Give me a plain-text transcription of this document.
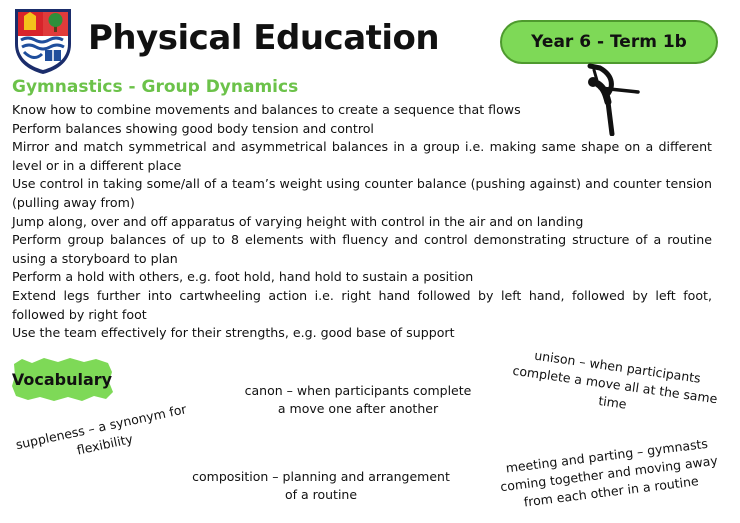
Physical Education	Year 6 - Term 1b
Gymnastics - Group Dynamics
Know how to combine movements and balances to create a sequence that flows
Perform balances showing good body tension and control
Mirror and match symmetrical and asymmetrical balances in a group i.e. making same shape on a different level or in a different place
Use control in taking some/all of a team’s weight using counter balance (pushing against) and counter tension (pulling away from)
Jump along, over and off apparatus of varying height with control in the air and on landing
Perform group balances of up to 8 elements with fluency and control demonstrating structure of a routine using a storyboard to plan
Perform a hold with others, e.g. foot hold, hand hold to sustain a position
Extend legs further into cartwheeling action i.e. right hand followed by left hand, followed by left foot, followed by right foot
Use the team effectively for their strengths, e.g. good base of support
Vocabulary
canon – when participants complete a move one after another
unison – when participants complete a move all at the same time
suppleness – a synonym for flexibility
composition – planning and arrangement of a routine
meeting and parting – gymnasts coming together and moving away from each other in a routine
